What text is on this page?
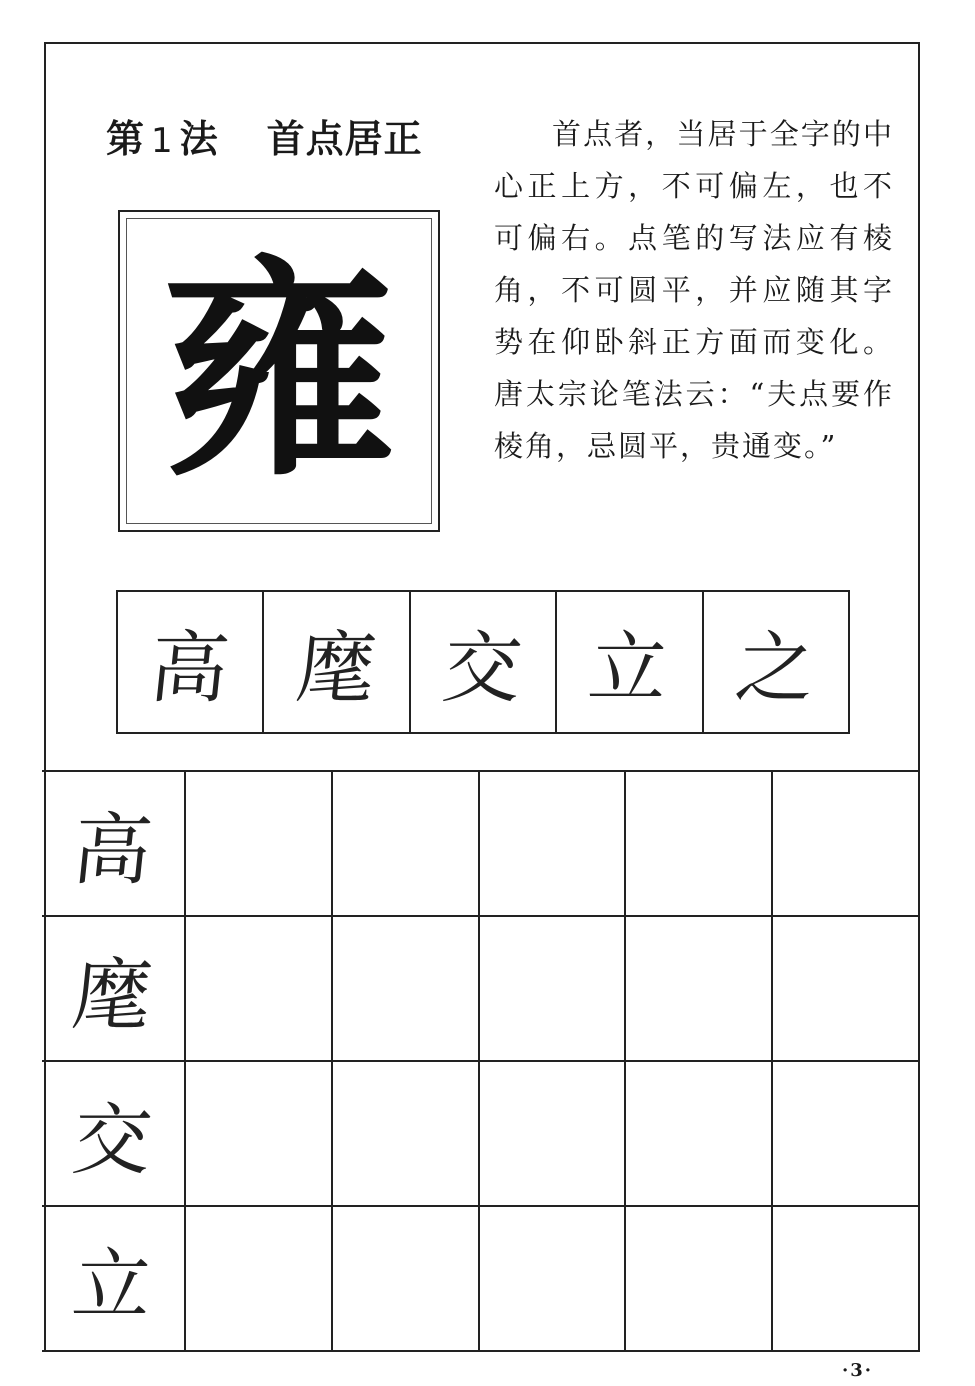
第 1 法 首点居正	首点者，当居于全字的中心正上方，不可偏左，也不可偏右。点笔的写法应有棱角，不可圆平，并应随其字势在仰卧斜正方面而变化。唐太宗论笔法云：“夫点要作棱角，忌圆平，贵通变。”
雍
高 麾 交 立 之
高
麾
交
立
·3·
